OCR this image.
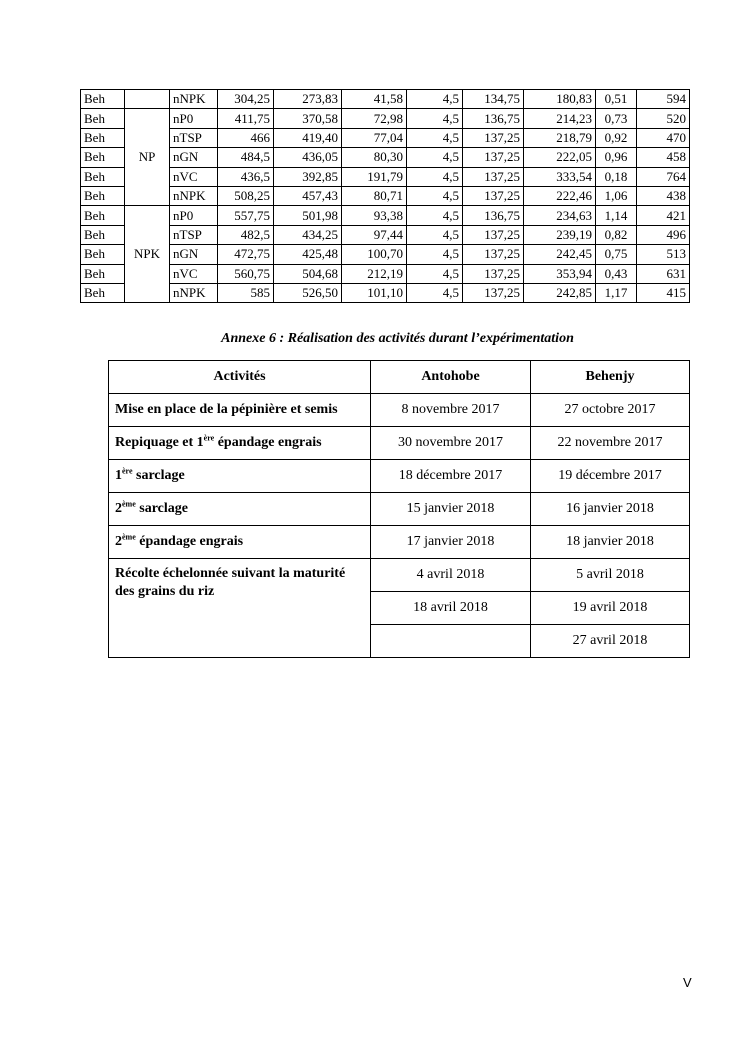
Beh		nNPK	304,25	273,83	41,58	4,5	134,75	180,83	0,51	594
Beh	NP	nP0	411,75	370,58	72,98	4,5	136,75	214,23	0,73	520
Beh		nTSP	466	419,40	77,04	4,5	137,25	218,79	0,92	470
Beh		nGN	484,5	436,05	80,30	4,5	137,25	222,05	0,96	458
Beh		nVC	436,5	392,85	191,79	4,5	137,25	333,54	0,18	764
Beh		nNPK	508,25	457,43	80,71	4,5	137,25	222,46	1,06	438
Beh	NPK	nP0	557,75	501,98	93,38	4,5	136,75	234,63	1,14	421
Beh		nTSP	482,5	434,25	97,44	4,5	137,25	239,19	0,82	496
Beh		nGN	472,75	425,48	100,70	4,5	137,25	242,45	0,75	513
Beh		nVC	560,75	504,68	212,19	4,5	137,25	353,94	0,43	631
Beh		nNPK	585	526,50	101,10	4,5	137,25	242,85	1,17	415
Annexe 6 : Réalisation des activités durant l’expérimentation
Activités	Antohobe	Behenjy
Mise en place de la pépinière et semis	8 novembre 2017	27 octobre 2017
Repiquage et 1ère épandage engrais	30 novembre 2017	22 novembre 2017
1ère sarclage	18 décembre 2017	19 décembre 2017
2ème sarclage	15 janvier 2018	16 janvier 2018
2ème épandage engrais	17 janvier 2018	18 janvier 2018
Récolte échelonnée suivant la maturité des grains du riz	4 avril 2018	5 avril 2018
	18 avril 2018	19 avril 2018
		27 avril 2018
V
